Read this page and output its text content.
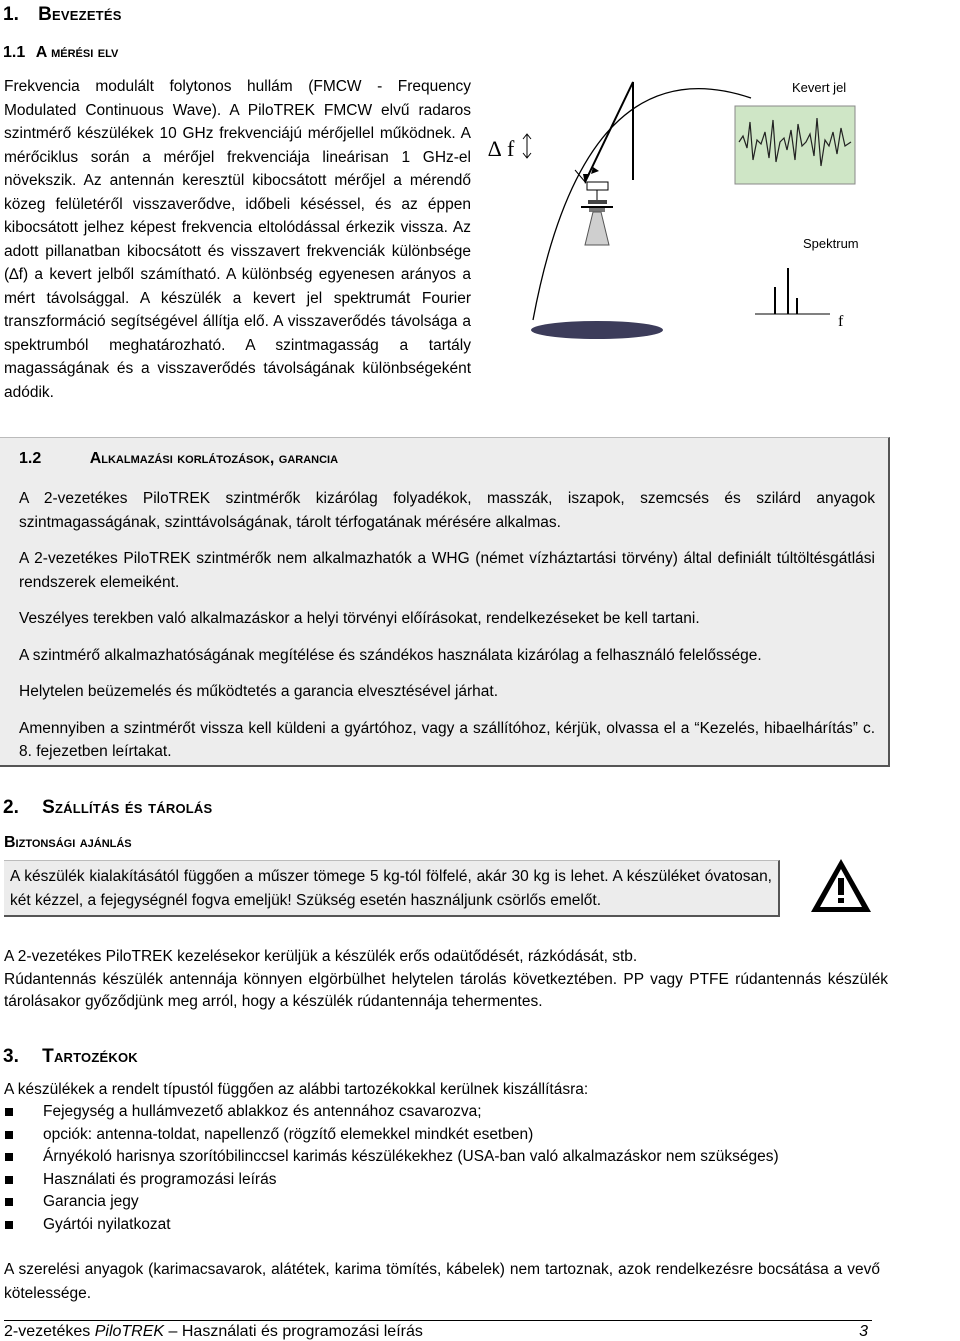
1. Bevezetés
1.1 A mérési elv

Frekvencia modulált folytonos hullám (FMCW - Frequency Modulated Continuous Wave). A PiloTREK FMCW elvű radaros szintmérő készülékek 10 GHz frekvenciájú mérőjellel működnek. A mérőciklus során a mérőjel frekvenciája lineárisan 1 GHz-el növekszik. Az antennán keresztül kibocsátott mérőjel a mérendő közeg felületéről visszaverődve, időbeli késéssel, és az éppen kibocsátott jelhez képest frekvencia eltolódással érkezik vissza. Az adott pillanatban kibocsátott és visszavert frekvenciák különbsége (∆f) a kevert jelből számítható. A különbség egyenesen arányos a mért távolsággal. A készülék a kevert jel spektrumát Fourier transzformáció segítségével állítja elő. A visszaverődés távolsága a spektrumból meghatározható. A szintmagasság a tartály magasságának és a visszaverődés távolságának különbségeként adódik.

∆ f
Kevert jel
Spektrum
f
1.2	Alkalmazási korlátozások, garancia

A 2-vezetékes PiloTREK szintmérők kizárólag folyadékok, masszák, iszapok, szemcsés és szilárd anyagok szintmagasságának, szinttávolságának, tárolt térfogatának mérésére alkalmas.

A 2-vezetékes PiloTREK szintmérők nem alkalmazhatók a WHG (német vízháztartási törvény) által definiált túltöltésgátlási rendszerek elemeiként.

Veszélyes terekben való alkalmazáskor a helyi törvényi előírásokat, rendelkezéseket be kell tartani.

A szintmérő alkalmazhatóságának megítélése és szándékos használata kizárólag a felhasználó felelőssége.

Helytelen beüzemelés és működtetés a garancia elvesztésével járhat.

Amennyiben a szintmérőt vissza kell küldeni a gyártóhoz, vagy a szállítóhoz, kérjük, olvassa el a “Kezelés, hibaelhárítás” c. 8. fejezetben leírtakat.

2. Szállítás és tárolás
Biztonsági ajánlás
A készülék kialakításától függően a műszer tömege 5 kg-tól fölfelé, akár 30 kg is lehet. A készüléket óvatosan, két kézzel, a fejegységnél fogva emeljük! Szükség esetén használjunk csörlős emelőt.
A 2-vezetékes PiloTREK kezelésekor kerüljük a készülék erős odaütődését, rázkódását, stb.
Rúdantennás készülék antennája könnyen elgörbülhet helytelen tárolás következtében. PP vagy PTFE rúdantennás készülék tárolásakor győződjünk meg arról, hogy a készülék rúdantennája tehermentes.
3. Tartozékok
A készülékek a rendelt típustól függően az alábbi tartozékokkal kerülnek kiszállításra:
Fejegység a hullámvezető ablakkoz és antennához csavarozva;
opciók: antenna-toldat, napellenző (rögzítő elemekkel mindkét esetben)
Árnyékoló harisnya szorítóbilinccsel karimás készülékekhez (USA-ban való alkalmazáskor nem szükséges)
Használati és programozási leírás
Garancia jegy
Gyártói nyilatkozat
A szerelési anyagok (karimacsavarok, alátétek, karima tömítés, kábelek) nem tartoznak, azok rendelkezésre bocsátása a vevő kötelessége.
2-vezetékes PiloTREK – Használati és programozási leírás	3
